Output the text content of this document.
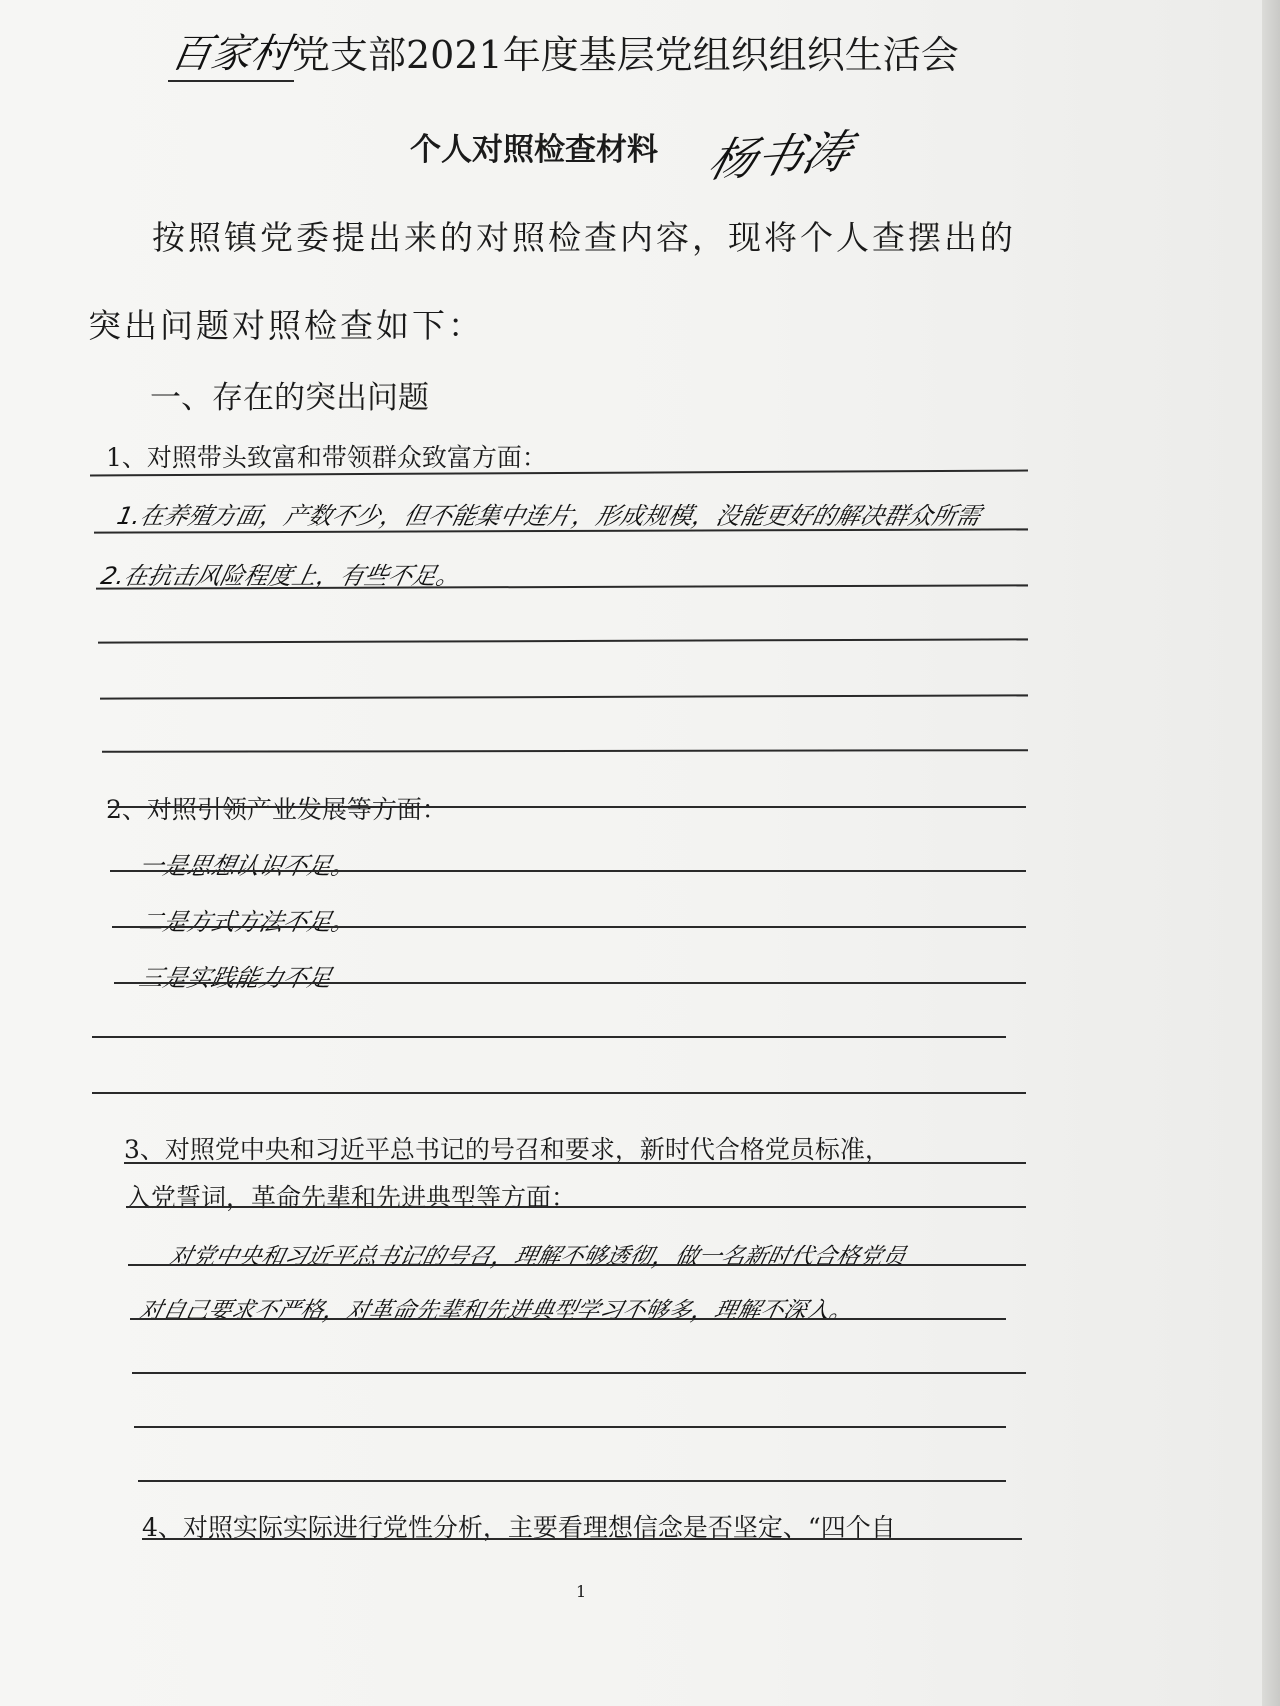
百家村
党支部2021年度基层党组织组织生活会
个人对照检查材料 杨书涛
按照镇党委提出来的对照检查内容，现将个人查摆出的
突出问题对照检查如下：
一、存在的突出问题
1、对照带头致富和带领群众致富方面：
1.在养殖方面，产数不少，但不能集中连片，形成规模，没能更好的解决群众所需
2.在抗击风险程度上，有些不足。
2、对照引领产业发展等方面：
一是思想认识不足。
二是方式方法不足。
三是实践能力不足
3、对照党中央和习近平总书记的号召和要求，新时代合格党员标准，
入党誓词，革命先辈和先进典型等方面：
对党中央和习近平总书记的号召，理解不够透彻，做一名新时代合格党员
对自己要求不严格，对革命先辈和先进典型学习不够多，理解不深入。
4、对照实际实际进行党性分析，主要看理想信念是否坚定、“四个自
1
